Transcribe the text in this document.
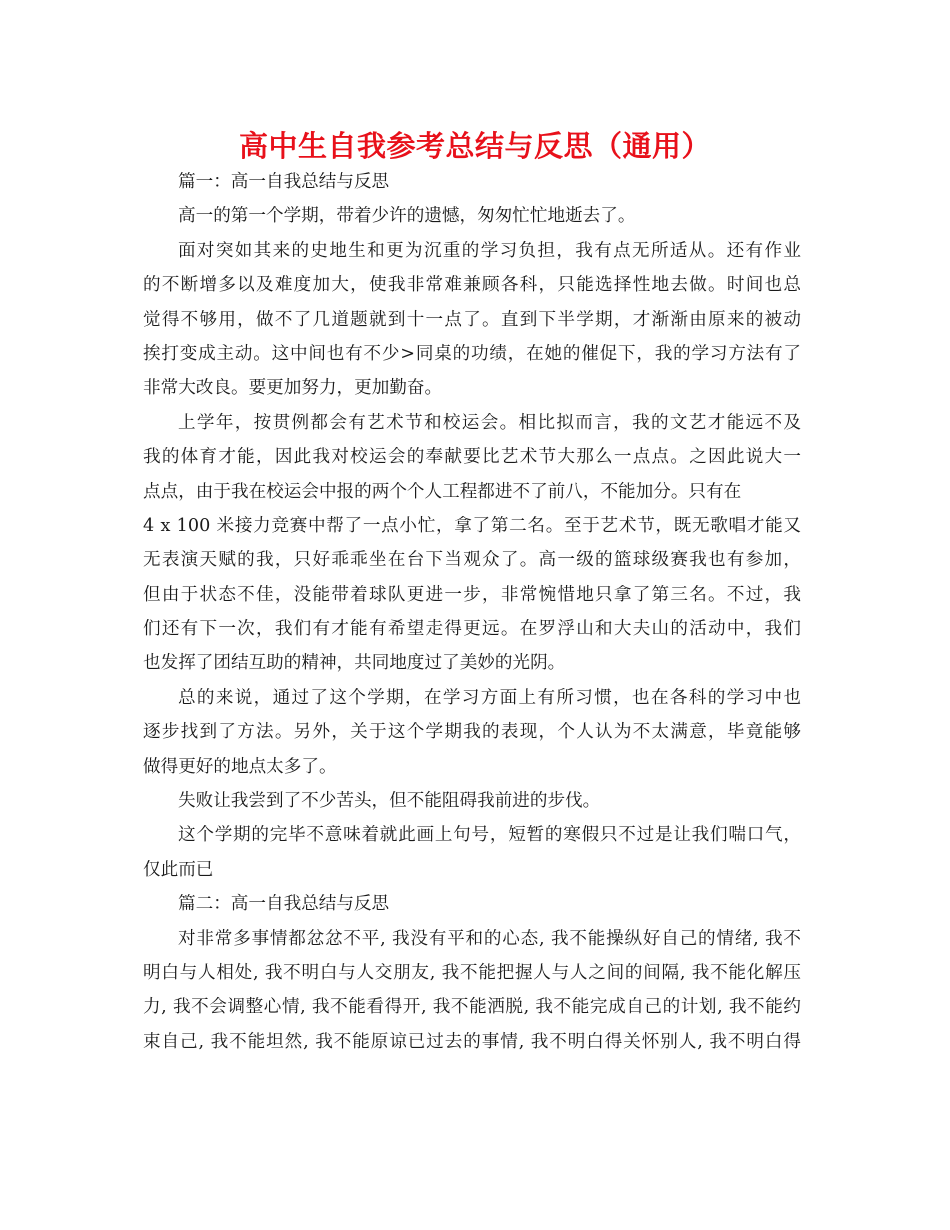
高中生自我参考总结与反思（通用）
篇一：高一自我总结与反思
高一的第一个学期，带着少许的遗憾，匆匆忙忙地逝去了。
面对突如其来的史地生和更为沉重的学习负担，我有点无所适从。还有作业
的不断增多以及难度加大，使我非常难兼顾各科，只能选择性地去做。时间也总
觉得不够用，做不了几道题就到十一点了。直到下半学期，才渐渐由原来的被动
挨打变成主动。这中间也有不少>同桌的功绩，在她的催促下，我的学习方法有了
非常大改良。要更加努力，更加勤奋。
上学年，按贯例都会有艺术节和校运会。相比拟而言，我的文艺才能远不及
我的体育才能，因此我对校运会的奉献要比艺术节大那么一点点。之因此说大一
点点，由于我在校运会中报的两个个人工程都进不了前八，不能加分。只有在
4 x 100 米接力竞赛中帮了一点小忙，拿了第二名。至于艺术节，既无歌唱才能又
无表演天赋的我，只好乖乖坐在台下当观众了。高一级的篮球级赛我也有参加，
但由于状态不佳，没能带着球队更进一步，非常惋惜地只拿了第三名。不过，我
们还有下一次，我们有才能有希望走得更远。在罗浮山和大夫山的活动中，我们
也发挥了团结互助的精神，共同地度过了美妙的光阴。
总的来说，通过了这个学期，在学习方面上有所习惯，也在各科的学习中也
逐步找到了方法。另外，关于这个学期我的表现，个人认为不太满意，毕竟能够
做得更好的地点太多了。
失败让我尝到了不少苦头，但不能阻碍我前进的步伐。
这个学期的完毕不意味着就此画上句号，短暂的寒假只不过是让我们喘口气，
仅此而已
篇二：高一自我总结与反思
对非常多事情都忿忿不平, 我没有平和的心态, 我不能操纵好自己的情绪, 我不
明白与人相处, 我不明白与人交朋友, 我不能把握人与人之间的间隔, 我不能化解压
力, 我不会调整心情, 我不能看得开, 我不能洒脱, 我不能完成自己的计划, 我不能约
束自己, 我不能坦然, 我不能原谅已过去的事情, 我不明白得关怀别人, 我不明白得
